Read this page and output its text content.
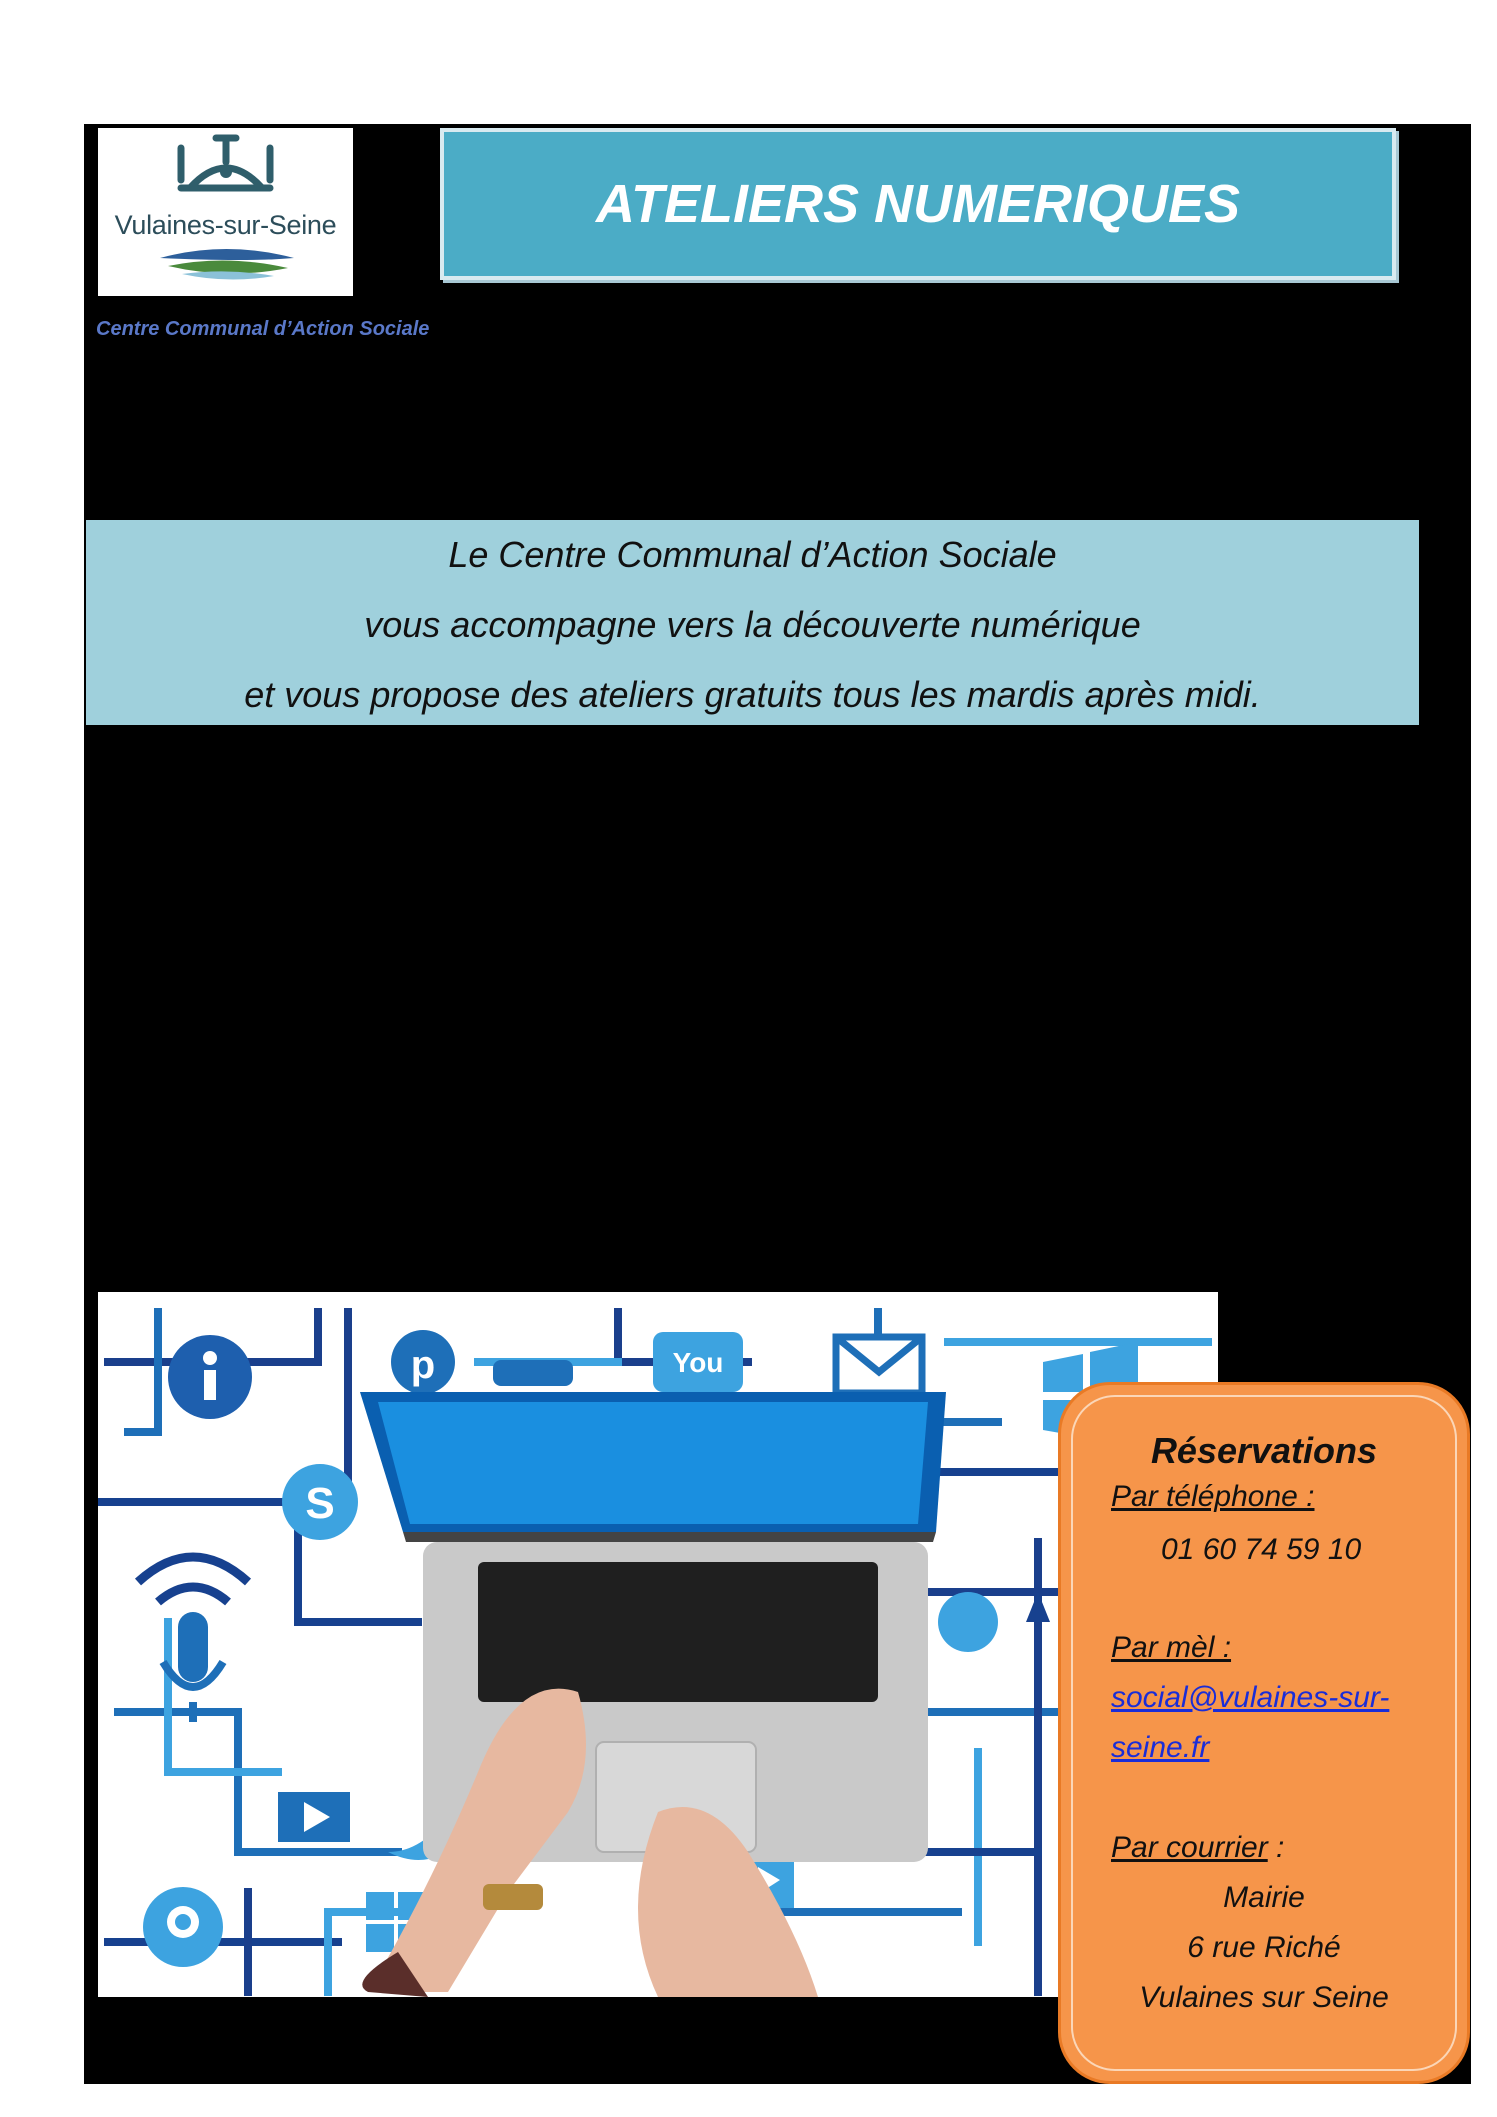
Vulaines-sur-Seine
Centre Communal d’Action Sociale
ATELIERS NUMERIQUES
Le Centre Communal d’Action Sociale
vous accompagne vers la découverte numérique
et vous propose des ateliers gratuits tous les mardis après midi.
S
p	You
Réservations
Par téléphone :
01 60 74 59 10
Par mèl :
social@vulaines-sur-
seine.fr
Par courrier :
Mairie
6 rue Riché
Vulaines sur Seine
